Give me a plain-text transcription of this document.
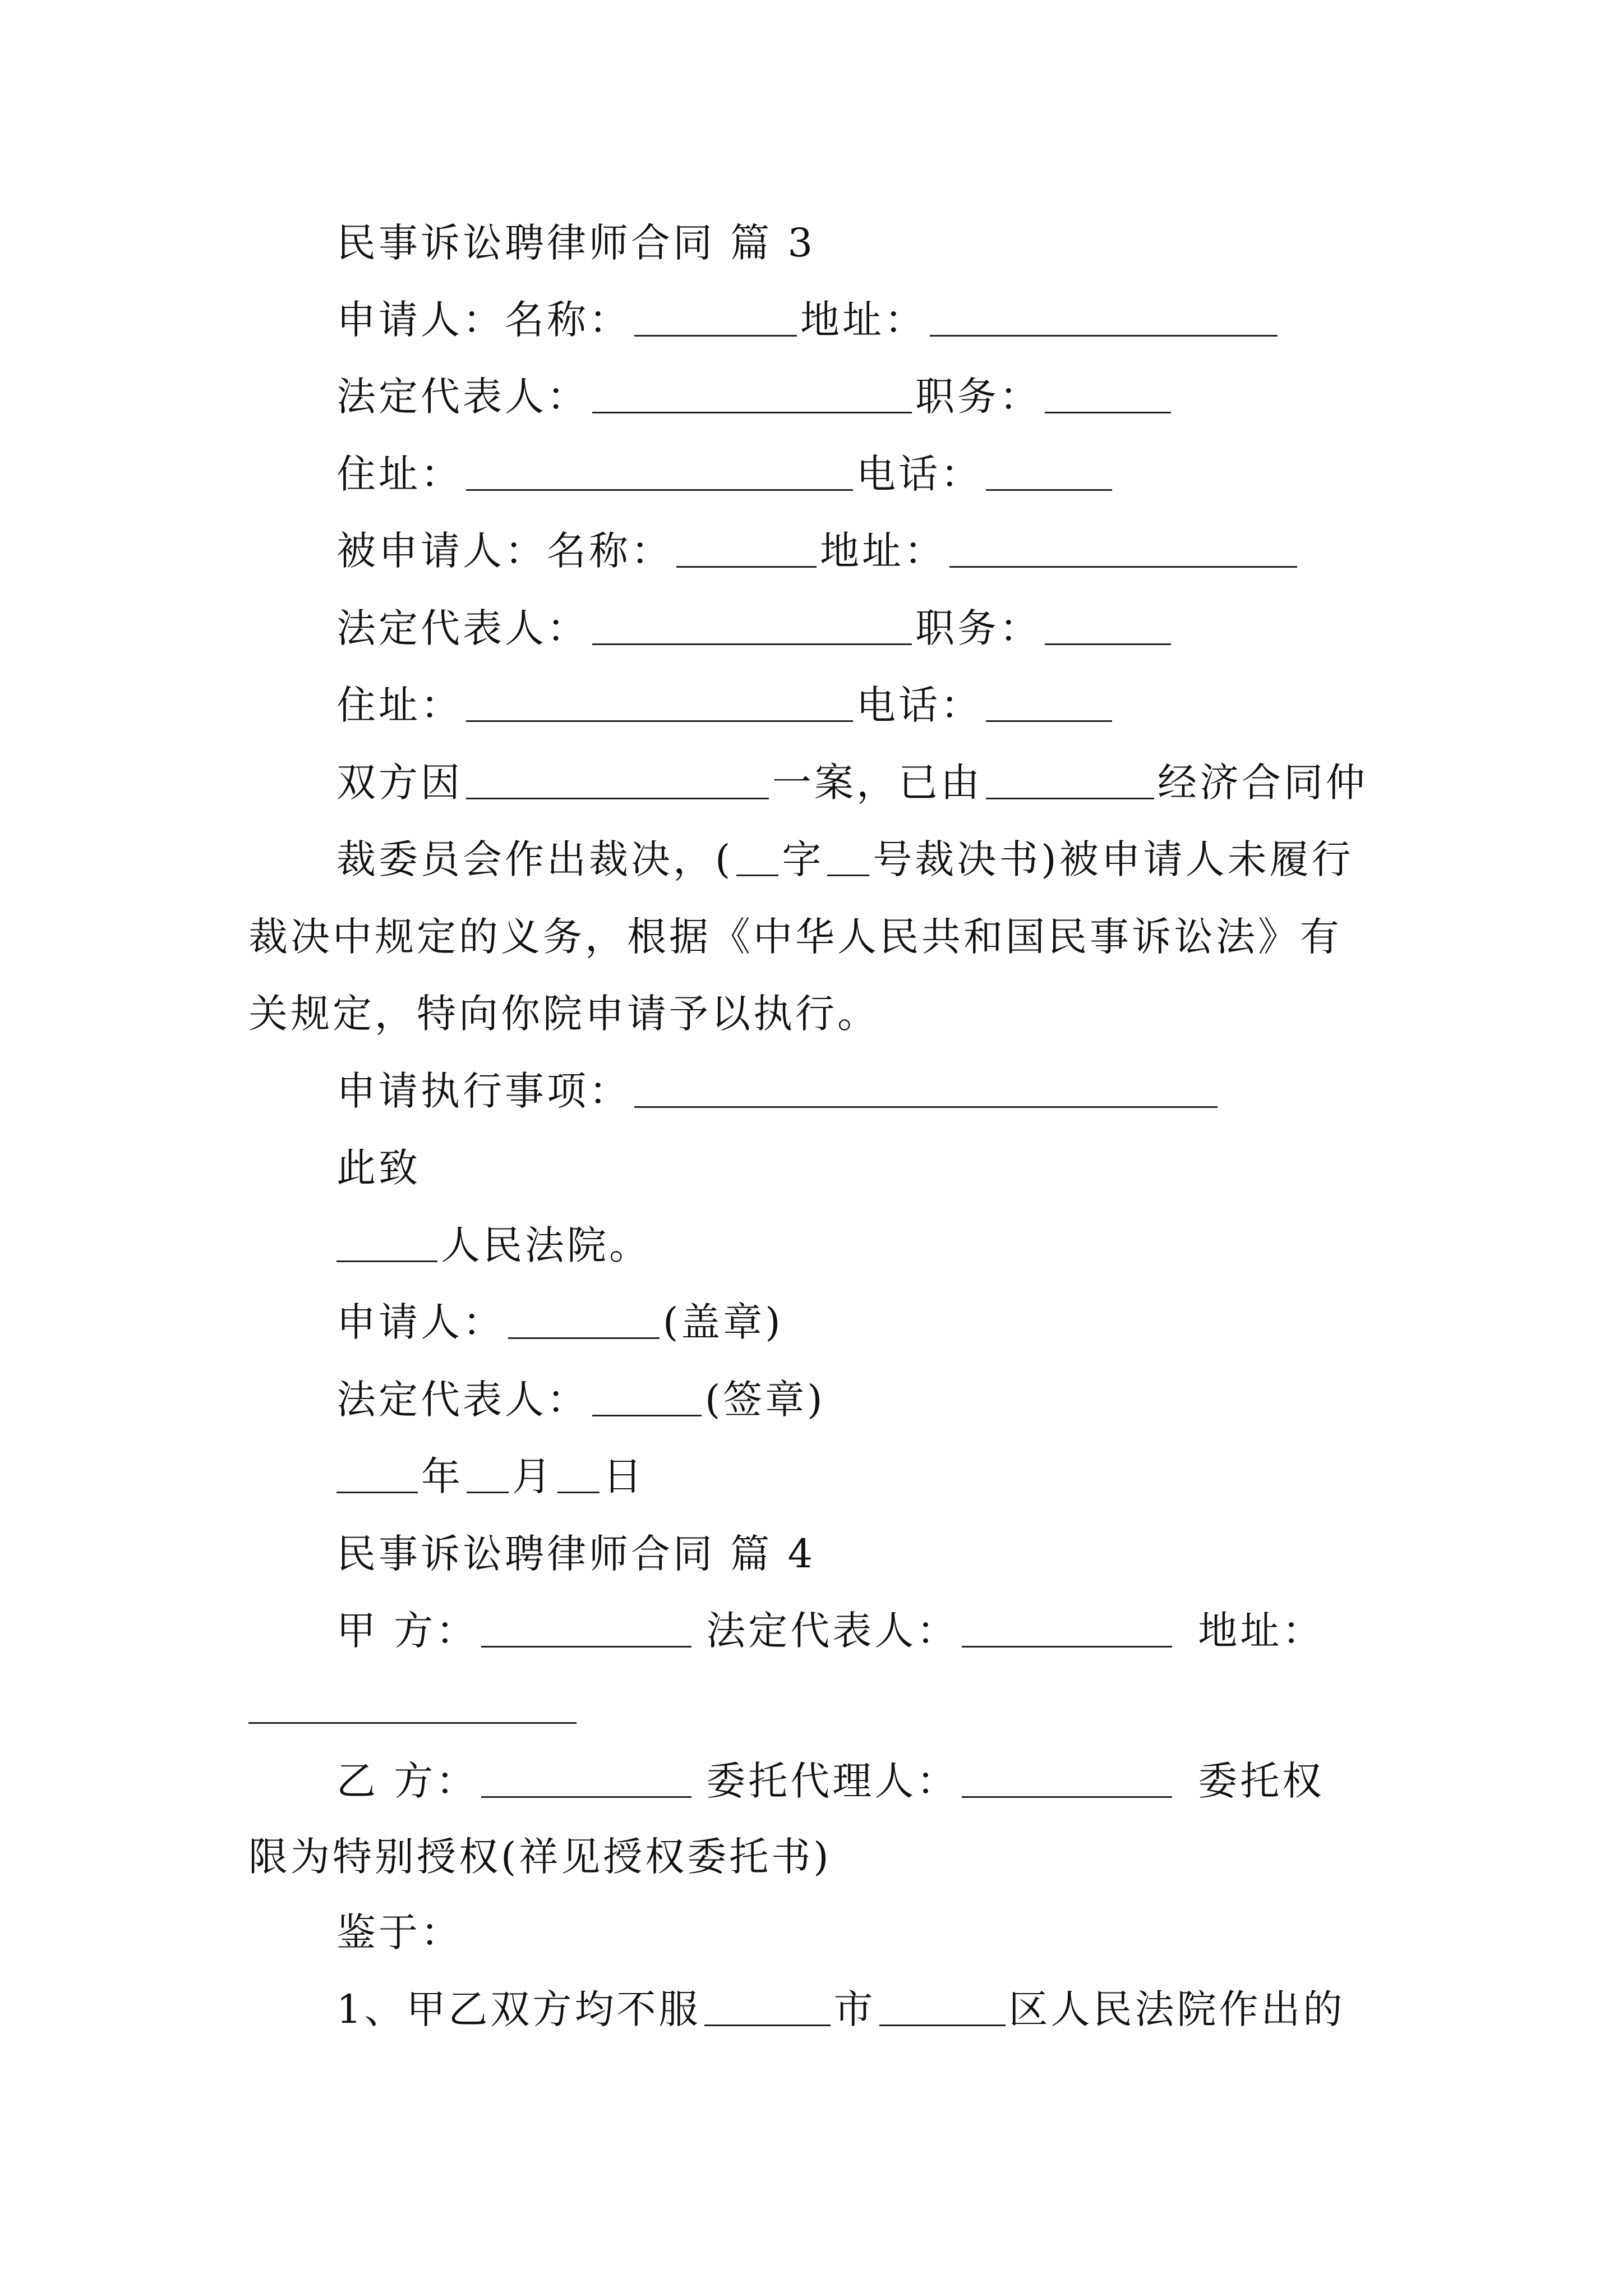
民事诉讼聘律师合同 篇 3

申请人：名称：	地址：

法定代表人：	职务：

住址：	电话：

被申请人：名称：	地址：

法定代表人：	职务：

住址：	电话：

双方因	一案，已由	经济合同仲

裁委员会作出裁决，( 字 号裁决书)被申请人未履行

裁决中规定的义务，根据《中华人民共和国民事诉讼法》有

关规定，特向你院申请予以执行。

申请执行事项：

此致

人民法院。

申请人：	(盖章)

法定代表人：	(签章)

年 月 日

民事诉讼聘律师合同 篇 4

甲 方：	法定代表人：	地址：

乙 方：	委托代理人：	委托权

限为特别授权(祥见授权委托书)

鉴于：

1、甲乙双方均不服	市	区人民法院作出的
